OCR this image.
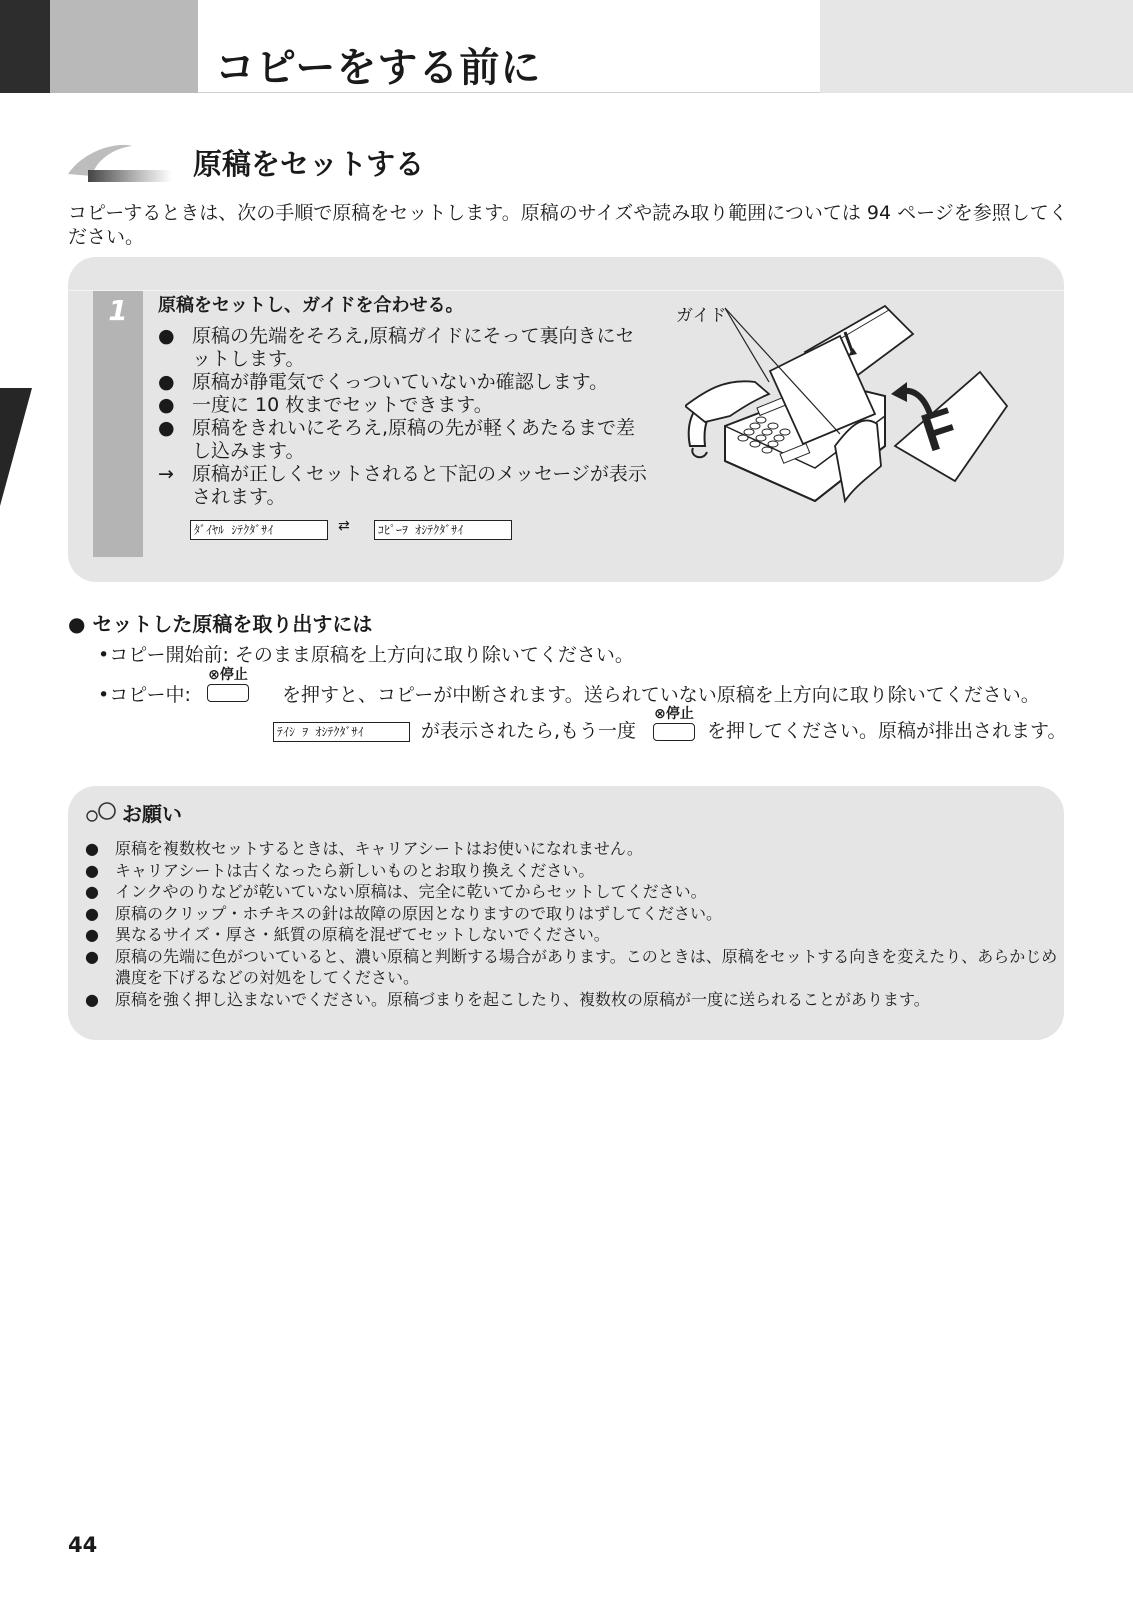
コピーをする前に
原稿をセットする
コピーするときは、次の手順で原稿をセットします。原稿のサイズや読み取り範囲については 94 ページを参照してください。
1	原稿をセットし、ガイドを合わせる。
● 原稿の先端をそろえ,原稿ガイドにそって裏向きにセットします。
● 原稿が静電気でくっついていないか確認します。
● 一度に 10 枚までセットできます。
● 原稿をきれいにそろえ,原稿の先が軽くあたるまで差し込みます。
→ 原稿が正しくセットされると下記のメッセージが表示されます。
ﾀﾞｲﾔﾙ ｼﾃｸﾀﾞｻｲ	⇄	ｺﾋﾟｰｦ ｵｼﾃｸﾀﾞｻｲ
ガイド
F
● セットした原稿を取り出すには
•コピー開始前: そのまま原稿を上方向に取り除いてください。
•コピー中:
⊗停止
を押すと、コピーが中断されます。送られていない原稿を上方向に取り除いてください。
ﾃｲｼ ｦ ｵｼﾃｸﾀﾞｻｲ	が表示されたら,もう一度
⊗停止
を押してください。原稿が排出されます。
お願い
● 原稿を複数枚セットするときは、キャリアシートはお使いになれません。
● キャリアシートは古くなったら新しいものとお取り換えください。
● インクやのりなどが乾いていない原稿は、完全に乾いてからセットしてください。
● 原稿のクリップ・ホチキスの針は故障の原因となりますので取りはずしてください。
● 異なるサイズ・厚さ・紙質の原稿を混ぜてセットしないでください。
● 原稿の先端に色がついていると、濃い原稿と判断する場合があります。このときは、原稿をセットする向きを変えたり、あらかじめ濃度を下げるなどの対処をしてください。
● 原稿を強く押し込まないでください。原稿づまりを起こしたり、複数枚の原稿が一度に送られることがあります。
44
